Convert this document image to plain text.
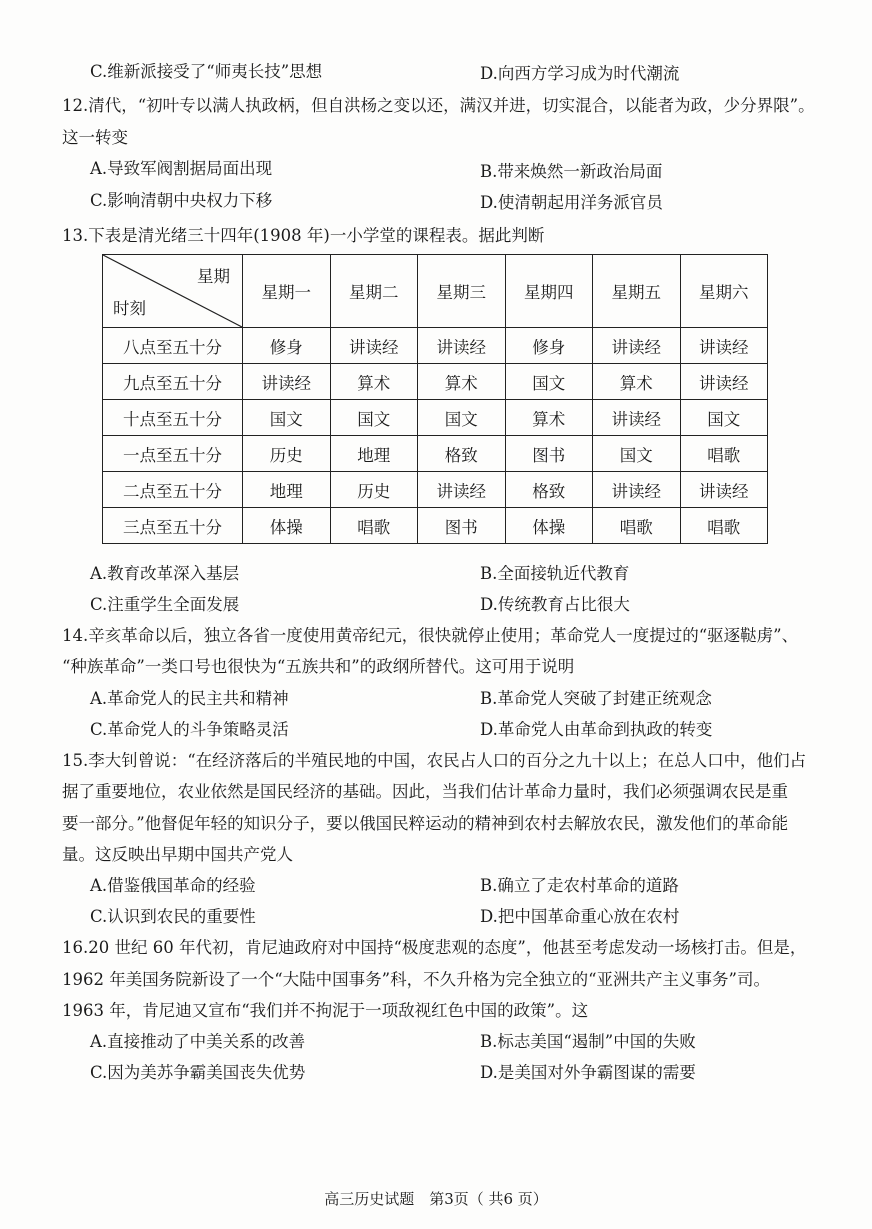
C.维新派接受了“师夷长技”思想	D.向西方学习成为时代潮流
12.清代，“初叶专以满人执政柄，但自洪杨之变以还，满汉并进，切实混合，以能者为政，少分界限”。
这一转变
A.导致军阀割据局面出现	B.带来焕然一新政治局面
C.影响清朝中央权力下移	D.使清朝起用洋务派官员
13.下表是清光绪三十四年(1908 年)一小学堂的课程表。据此判断
星期
时刻	星期一	星期二	星期三	星期四	星期五	星期六
八点至五十分	修身	讲读经	讲读经	修身	讲读经	讲读经
九点至五十分	讲读经	算术	算术	国文	算术	讲读经
十点至五十分	国文	国文	国文	算术	讲读经	国文
一点至五十分	历史	地理	格致	图书	国文	唱歌
二点至五十分	地理	历史	讲读经	格致	讲读经	讲读经
三点至五十分	体操	唱歌	图书	体操	唱歌	唱歌
A.教育改革深入基层	B.全面接轨近代教育
C.注重学生全面发展	D.传统教育占比很大
14.辛亥革命以后，独立各省一度使用黄帝纪元，很快就停止使用；革命党人一度提过的“驱逐鞑虏”、
“种族革命”一类口号也很快为“五族共和”的政纲所替代。这可用于说明
A.革命党人的民主共和精神	B.革命党人突破了封建正统观念
C.革命党人的斗争策略灵活	D.革命党人由革命到执政的转变
15.李大钊曾说：“在经济落后的半殖民地的中国，农民占人口的百分之九十以上；在总人口中，他们占
据了重要地位，农业依然是国民经济的基础。因此，当我们估计革命力量时，我们必须强调农民是重
要一部分。”他督促年轻的知识分子，要以俄国民粹运动的精神到农村去解放农民，激发他们的革命能
量。这反映出早期中国共产党人
A.借鉴俄国革命的经验	B.确立了走农村革命的道路
C.认识到农民的重要性	D.把中国革命重心放在农村
16.20 世纪 60 年代初，肯尼迪政府对中国持“极度悲观的态度”，他甚至考虑发动一场核打击。但是，
1962 年美国务院新设了一个“大陆中国事务”科，不久升格为完全独立的“亚洲共产主义事务”司。
1963 年，肯尼迪又宣布“我们并不拘泥于一项敌视红色中国的政策”。这
A.直接推动了中美关系的改善	B.标志美国“遏制”中国的失败
C.因为美苏争霸美国丧失优势	D.是美国对外争霸图谋的需要
高三历史试题　第3页（ 共6 页）
